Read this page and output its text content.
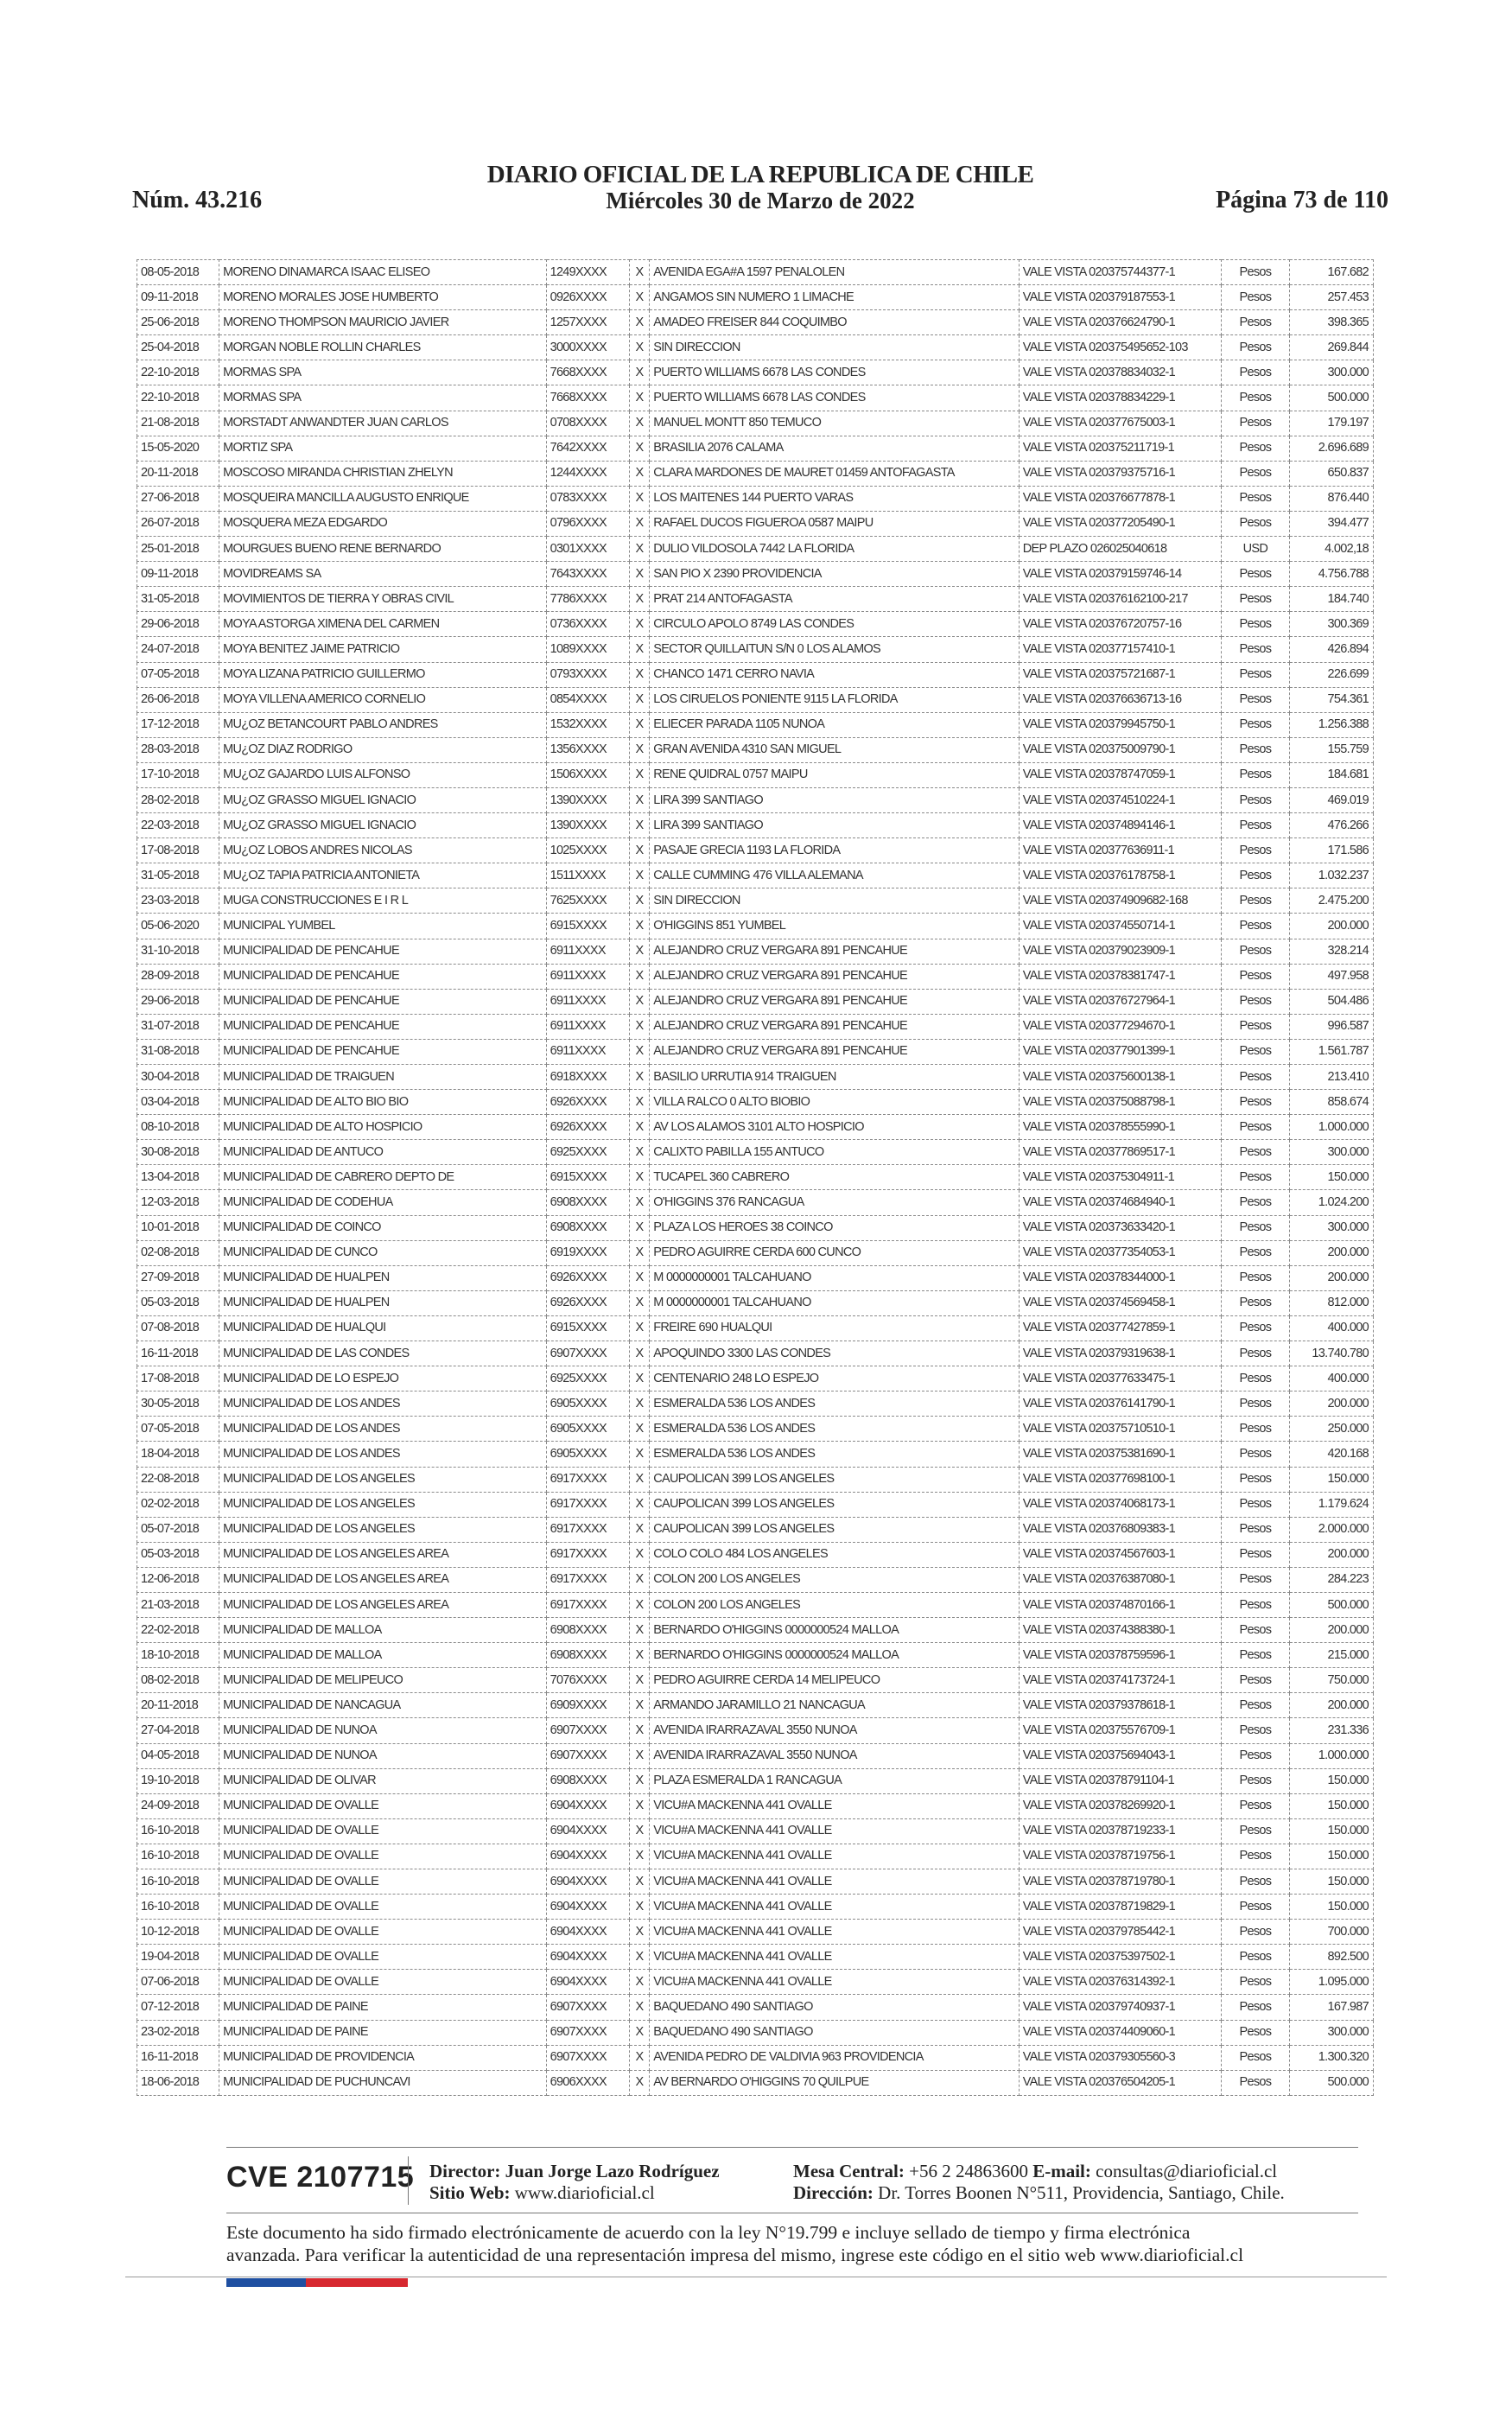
DIARIO OFICIAL DE LA REPUBLICA DE CHILE
Núm. 43.216	Miércoles 30 de Marzo de 2022	Página 73 de 110
08-05-2018	MORENO DINAMARCA ISAAC ELISEO	1249XXXX	X	AVENIDA EGA#A 1597 PENALOLEN	VALE VISTA 020375744377-1	Pesos	167.682
09-11-2018	MORENO MORALES JOSE HUMBERTO	0926XXXX	X	ANGAMOS SIN NUMERO 1 LIMACHE	VALE VISTA 020379187553-1	Pesos	257.453
25-06-2018	MORENO THOMPSON MAURICIO JAVIER	1257XXXX	X	AMADEO FREISER 844 COQUIMBO	VALE VISTA 020376624790-1	Pesos	398.365
25-04-2018	MORGAN NOBLE ROLLIN CHARLES	3000XXXX	X	SIN DIRECCION	VALE VISTA 020375495652-103	Pesos	269.844
22-10-2018	MORMAS SPA	7668XXXX	X	PUERTO WILLIAMS 6678 LAS CONDES	VALE VISTA 020378834032-1	Pesos	300.000
22-10-2018	MORMAS SPA	7668XXXX	X	PUERTO WILLIAMS 6678 LAS CONDES	VALE VISTA 020378834229-1	Pesos	500.000
21-08-2018	MORSTADT ANWANDTER JUAN CARLOS	0708XXXX	X	MANUEL MONTT 850 TEMUCO	VALE VISTA 020377675003-1	Pesos	179.197
15-05-2020	MORTIZ SPA	7642XXXX	X	BRASILIA 2076 CALAMA	VALE VISTA 020375211719-1	Pesos	2.696.689
20-11-2018	MOSCOSO MIRANDA CHRISTIAN ZHELYN	1244XXXX	X	CLARA MARDONES DE MAURET 01459 ANTOFAGASTA	VALE VISTA 020379375716-1	Pesos	650.837
27-06-2018	MOSQUEIRA MANCILLA AUGUSTO ENRIQUE	0783XXXX	X	LOS MAITENES 144 PUERTO VARAS	VALE VISTA 020376677878-1	Pesos	876.440
26-07-2018	MOSQUERA MEZA EDGARDO	0796XXXX	X	RAFAEL DUCOS FIGUEROA 0587 MAIPU	VALE VISTA 020377205490-1	Pesos	394.477
25-01-2018	MOURGUES BUENO RENE BERNARDO	0301XXXX	X	DULIO VILDOSOLA 7442 LA FLORIDA	DEP PLAZO 026025040618	USD	4.002,18
09-11-2018	MOVIDREAMS SA	7643XXXX	X	SAN PIO X 2390 PROVIDENCIA	VALE VISTA 020379159746-14	Pesos	4.756.788
31-05-2018	MOVIMIENTOS DE TIERRA Y OBRAS CIVIL	7786XXXX	X	PRAT 214 ANTOFAGASTA	VALE VISTA 020376162100-217	Pesos	184.740
29-06-2018	MOYA ASTORGA XIMENA DEL CARMEN	0736XXXX	X	CIRCULO APOLO 8749 LAS CONDES	VALE VISTA 020376720757-16	Pesos	300.369
24-07-2018	MOYA BENITEZ JAIME PATRICIO	1089XXXX	X	SECTOR QUILLAITUN S/N 0 LOS ALAMOS	VALE VISTA 020377157410-1	Pesos	426.894
07-05-2018	MOYA LIZANA PATRICIO GUILLERMO	0793XXXX	X	CHANCO 1471 CERRO NAVIA	VALE VISTA 020375721687-1	Pesos	226.699
26-06-2018	MOYA VILLENA AMERICO CORNELIO	0854XXXX	X	LOS CIRUELOS PONIENTE 9115 LA FLORIDA	VALE VISTA 020376636713-16	Pesos	754.361
17-12-2018	MU¿OZ BETANCOURT PABLO ANDRES	1532XXXX	X	ELIECER PARADA 1105 NUNOA	VALE VISTA 020379945750-1	Pesos	1.256.388
28-03-2018	MU¿OZ DIAZ RODRIGO	1356XXXX	X	GRAN AVENIDA 4310 SAN MIGUEL	VALE VISTA 020375009790-1	Pesos	155.759
17-10-2018	MU¿OZ GAJARDO LUIS ALFONSO	1506XXXX	X	RENE QUIDRAL 0757 MAIPU	VALE VISTA 020378747059-1	Pesos	184.681
28-02-2018	MU¿OZ GRASSO MIGUEL IGNACIO	1390XXXX	X	LIRA 399 SANTIAGO	VALE VISTA 020374510224-1	Pesos	469.019
22-03-2018	MU¿OZ GRASSO MIGUEL IGNACIO	1390XXXX	X	LIRA 399 SANTIAGO	VALE VISTA 020374894146-1	Pesos	476.266
17-08-2018	MU¿OZ LOBOS ANDRES NICOLAS	1025XXXX	X	PASAJE GRECIA 1193 LA FLORIDA	VALE VISTA 020377636911-1	Pesos	171.586
31-05-2018	MU¿OZ TAPIA PATRICIA ANTONIETA	1511XXXX	X	CALLE CUMMING 476 VILLA ALEMANA	VALE VISTA 020376178758-1	Pesos	1.032.237
23-03-2018	MUGA CONSTRUCCIONES E I R L	7625XXXX	X	SIN DIRECCION	VALE VISTA 020374909682-168	Pesos	2.475.200
05-06-2020	MUNICIPAL YUMBEL	6915XXXX	X	O'HIGGINS 851 YUMBEL	VALE VISTA 020374550714-1	Pesos	200.000
31-10-2018	MUNICIPALIDAD DE PENCAHUE	6911XXXX	X	ALEJANDRO CRUZ VERGARA 891 PENCAHUE	VALE VISTA 020379023909-1	Pesos	328.214
28-09-2018	MUNICIPALIDAD DE PENCAHUE	6911XXXX	X	ALEJANDRO CRUZ VERGARA 891 PENCAHUE	VALE VISTA 020378381747-1	Pesos	497.958
29-06-2018	MUNICIPALIDAD DE PENCAHUE	6911XXXX	X	ALEJANDRO CRUZ VERGARA 891 PENCAHUE	VALE VISTA 020376727964-1	Pesos	504.486
31-07-2018	MUNICIPALIDAD DE PENCAHUE	6911XXXX	X	ALEJANDRO CRUZ VERGARA 891 PENCAHUE	VALE VISTA 020377294670-1	Pesos	996.587
31-08-2018	MUNICIPALIDAD DE PENCAHUE	6911XXXX	X	ALEJANDRO CRUZ VERGARA 891 PENCAHUE	VALE VISTA 020377901399-1	Pesos	1.561.787
30-04-2018	MUNICIPALIDAD DE TRAIGUEN	6918XXXX	X	BASILIO URRUTIA 914 TRAIGUEN	VALE VISTA 020375600138-1	Pesos	213.410
03-04-2018	MUNICIPALIDAD DE ALTO BIO BIO	6926XXXX	X	VILLA RALCO 0 ALTO BIOBIO	VALE VISTA 020375088798-1	Pesos	858.674
08-10-2018	MUNICIPALIDAD DE ALTO HOSPICIO	6926XXXX	X	AV LOS ALAMOS 3101 ALTO HOSPICIO	VALE VISTA 020378555990-1	Pesos	1.000.000
30-08-2018	MUNICIPALIDAD DE ANTUCO	6925XXXX	X	CALIXTO PABILLA 155 ANTUCO	VALE VISTA 020377869517-1	Pesos	300.000
13-04-2018	MUNICIPALIDAD DE CABRERO DEPTO DE	6915XXXX	X	TUCAPEL 360 CABRERO	VALE VISTA 020375304911-1	Pesos	150.000
12-03-2018	MUNICIPALIDAD DE CODEHUA	6908XXXX	X	O'HIGGINS 376 RANCAGUA	VALE VISTA 020374684940-1	Pesos	1.024.200
10-01-2018	MUNICIPALIDAD DE COINCO	6908XXXX	X	PLAZA LOS HEROES 38 COINCO	VALE VISTA 020373633420-1	Pesos	300.000
02-08-2018	MUNICIPALIDAD DE CUNCO	6919XXXX	X	PEDRO AGUIRRE CERDA 600 CUNCO	VALE VISTA 020377354053-1	Pesos	200.000
27-09-2018	MUNICIPALIDAD DE HUALPEN	6926XXXX	X	M 0000000001 TALCAHUANO	VALE VISTA 020378344000-1	Pesos	200.000
05-03-2018	MUNICIPALIDAD DE HUALPEN	6926XXXX	X	M 0000000001 TALCAHUANO	VALE VISTA 020374569458-1	Pesos	812.000
07-08-2018	MUNICIPALIDAD DE HUALQUI	6915XXXX	X	FREIRE 690 HUALQUI	VALE VISTA 020377427859-1	Pesos	400.000
16-11-2018	MUNICIPALIDAD DE LAS CONDES	6907XXXX	X	APOQUINDO 3300 LAS CONDES	VALE VISTA 020379319638-1	Pesos	13.740.780
17-08-2018	MUNICIPALIDAD DE LO ESPEJO	6925XXXX	X	CENTENARIO 248 LO ESPEJO	VALE VISTA 020377633475-1	Pesos	400.000
30-05-2018	MUNICIPALIDAD DE LOS ANDES	6905XXXX	X	ESMERALDA 536 LOS ANDES	VALE VISTA 020376141790-1	Pesos	200.000
07-05-2018	MUNICIPALIDAD DE LOS ANDES	6905XXXX	X	ESMERALDA 536 LOS ANDES	VALE VISTA 020375710510-1	Pesos	250.000
18-04-2018	MUNICIPALIDAD DE LOS ANDES	6905XXXX	X	ESMERALDA 536 LOS ANDES	VALE VISTA 020375381690-1	Pesos	420.168
22-08-2018	MUNICIPALIDAD DE LOS ANGELES	6917XXXX	X	CAUPOLICAN 399 LOS ANGELES	VALE VISTA 020377698100-1	Pesos	150.000
02-02-2018	MUNICIPALIDAD DE LOS ANGELES	6917XXXX	X	CAUPOLICAN 399 LOS ANGELES	VALE VISTA 020374068173-1	Pesos	1.179.624
05-07-2018	MUNICIPALIDAD DE LOS ANGELES	6917XXXX	X	CAUPOLICAN 399 LOS ANGELES	VALE VISTA 020376809383-1	Pesos	2.000.000
05-03-2018	MUNICIPALIDAD DE LOS ANGELES AREA	6917XXXX	X	COLO COLO 484 LOS ANGELES	VALE VISTA 020374567603-1	Pesos	200.000
12-06-2018	MUNICIPALIDAD DE LOS ANGELES AREA	6917XXXX	X	COLON 200 LOS ANGELES	VALE VISTA 020376387080-1	Pesos	284.223
21-03-2018	MUNICIPALIDAD DE LOS ANGELES AREA	6917XXXX	X	COLON 200 LOS ANGELES	VALE VISTA 020374870166-1	Pesos	500.000
22-02-2018	MUNICIPALIDAD DE MALLOA	6908XXXX	X	BERNARDO O'HIGGINS 0000000524 MALLOA	VALE VISTA 020374388380-1	Pesos	200.000
18-10-2018	MUNICIPALIDAD DE MALLOA	6908XXXX	X	BERNARDO O'HIGGINS 0000000524 MALLOA	VALE VISTA 020378759596-1	Pesos	215.000
08-02-2018	MUNICIPALIDAD DE MELIPEUCO	7076XXXX	X	PEDRO AGUIRRE CERDA 14 MELIPEUCO	VALE VISTA 020374173724-1	Pesos	750.000
20-11-2018	MUNICIPALIDAD DE NANCAGUA	6909XXXX	X	ARMANDO JARAMILLO 21 NANCAGUA	VALE VISTA 020379378618-1	Pesos	200.000
27-04-2018	MUNICIPALIDAD DE NUNOA	6907XXXX	X	AVENIDA IRARRAZAVAL 3550 NUNOA	VALE VISTA 020375576709-1	Pesos	231.336
04-05-2018	MUNICIPALIDAD DE NUNOA	6907XXXX	X	AVENIDA IRARRAZAVAL 3550 NUNOA	VALE VISTA 020375694043-1	Pesos	1.000.000
19-10-2018	MUNICIPALIDAD DE OLIVAR	6908XXXX	X	PLAZA ESMERALDA 1 RANCAGUA	VALE VISTA 020378791104-1	Pesos	150.000
24-09-2018	MUNICIPALIDAD DE OVALLE	6904XXXX	X	VICU#A MACKENNA 441 OVALLE	VALE VISTA 020378269920-1	Pesos	150.000
16-10-2018	MUNICIPALIDAD DE OVALLE	6904XXXX	X	VICU#A MACKENNA 441 OVALLE	VALE VISTA 020378719233-1	Pesos	150.000
16-10-2018	MUNICIPALIDAD DE OVALLE	6904XXXX	X	VICU#A MACKENNA 441 OVALLE	VALE VISTA 020378719756-1	Pesos	150.000
16-10-2018	MUNICIPALIDAD DE OVALLE	6904XXXX	X	VICU#A MACKENNA 441 OVALLE	VALE VISTA 020378719780-1	Pesos	150.000
16-10-2018	MUNICIPALIDAD DE OVALLE	6904XXXX	X	VICU#A MACKENNA 441 OVALLE	VALE VISTA 020378719829-1	Pesos	150.000
10-12-2018	MUNICIPALIDAD DE OVALLE	6904XXXX	X	VICU#A MACKENNA 441 OVALLE	VALE VISTA 020379785442-1	Pesos	700.000
19-04-2018	MUNICIPALIDAD DE OVALLE	6904XXXX	X	VICU#A MACKENNA 441 OVALLE	VALE VISTA 020375397502-1	Pesos	892.500
07-06-2018	MUNICIPALIDAD DE OVALLE	6904XXXX	X	VICU#A MACKENNA 441 OVALLE	VALE VISTA 020376314392-1	Pesos	1.095.000
07-12-2018	MUNICIPALIDAD DE PAINE	6907XXXX	X	BAQUEDANO 490 SANTIAGO	VALE VISTA 020379740937-1	Pesos	167.987
23-02-2018	MUNICIPALIDAD DE PAINE	6907XXXX	X	BAQUEDANO 490 SANTIAGO	VALE VISTA 020374409060-1	Pesos	300.000
16-11-2018	MUNICIPALIDAD DE PROVIDENCIA	6907XXXX	X	AVENIDA PEDRO DE VALDIVIA 963 PROVIDENCIA	VALE VISTA 020379305560-3	Pesos	1.300.320
18-06-2018	MUNICIPALIDAD DE PUCHUNCAVI	6906XXXX	X	AV BERNARDO O'HIGGINS 70 QUILPUE	VALE VISTA 020376504205-1	Pesos	500.000
CVE 2107715 Director: Juan Jorge Lazo Rodríguez
Sitio Web: www.diarioficial.cl
Mesa Central: +56 2 24863600 E-mail: consultas@diarioficial.cl
Dirección: Dr. Torres Boonen N°511, Providencia, Santiago, Chile.
Este documento ha sido firmado electrónicamente de acuerdo con la ley N°19.799 e incluye sellado de tiempo y firma electrónica
avanzada. Para verificar la autenticidad de una representación impresa del mismo, ingrese este código en el sitio web www.diarioficial.cl
